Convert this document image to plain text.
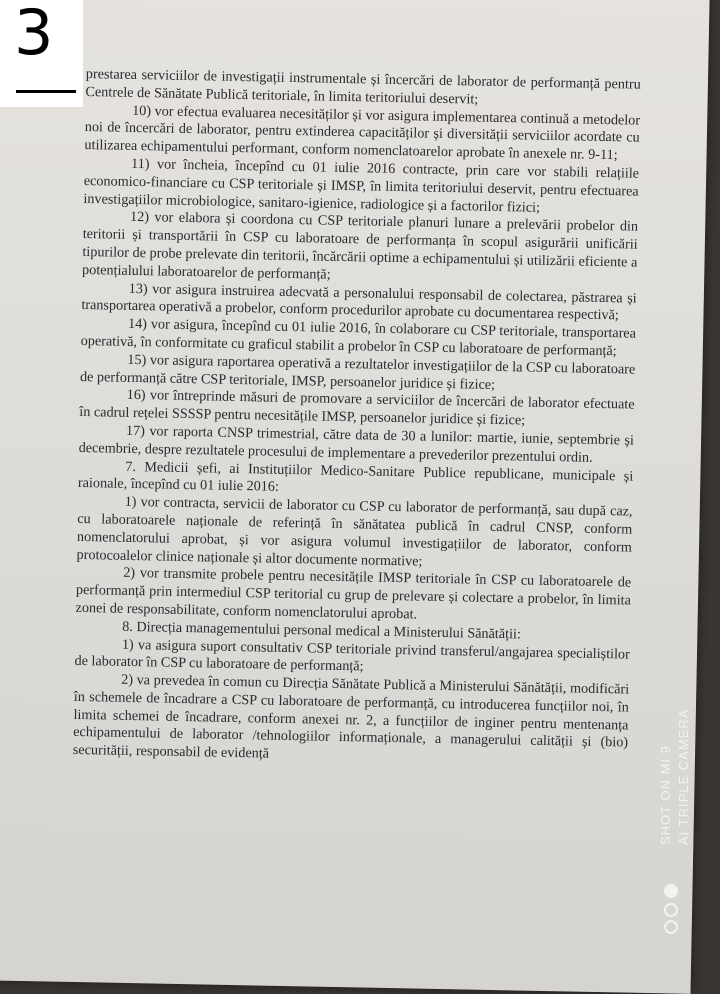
3

prestarea serviciilor de investigații instrumentale și încercări de laborator de performanță pentru Centrele de Sănătate Publică teritoriale, în limita teritoriului deservit;

10) vor efectua evaluarea necesităților și vor asigura implementarea continuă a metodelor noi de încercări de laborator, pentru extinderea capacităților și diversității serviciilor acordate cu utilizarea echipamentului performant, conform nomenclatoarelor aprobate în anexele nr. 9-11;

11) vor încheia, începînd cu 01 iulie 2016 contracte, prin care vor stabili relațiile economico-financiare cu CSP teritoriale și IMSP, în limita teritoriului deservit, pentru efectuarea investigațiilor microbiologice, sanitaro-igienice, radiologice și a factorilor fizici;

12) vor elabora și coordona cu CSP teritoriale planuri lunare a prelevării probelor din teritorii și transportării în CSP cu laboratoare de performanța în scopul asigurării unificării tipurilor de probe prelevate din teritorii, încărcării optime a echipamentului și utilizării eficiente a potențialului laboratoarelor de performanță;

13) vor asigura instruirea adecvată a personalului responsabil de colectarea, păstrarea și transportarea operativă a probelor, conform procedurilor aprobate cu documentarea respectivă;

14) vor asigura, începînd cu 01 iulie 2016, în colaborare cu CSP teritoriale, transportarea operativă, în conformitate cu graficul stabilit a probelor în CSP cu laboratoare de performanță;

15) vor asigura raportarea operativă a rezultatelor investigațiilor de la CSP cu laboratoare de performanță către CSP teritoriale, IMSP, persoanelor juridice și fizice;

16) vor întreprinde măsuri de promovare a serviciilor de încercări de laborator efectuate în cadrul rețelei SSSSP pentru necesitățile IMSP, persoanelor juridice și fizice;

17) vor raporta CNSP trimestrial, către data de 30 a lunilor: martie, iunie, septembrie și decembrie, despre rezultatele procesului de implementare a prevederilor prezentului ordin.

7. Medicii șefi, ai Instituțiilor Medico-Sanitare Publice republicane, municipale și raionale, începînd cu 01 iulie 2016:

1) vor contracta, servicii de laborator cu CSP cu laborator de performanță, sau după caz, cu laboratoarele naționale de referință în sănătatea publică în cadrul CNSP, conform nomenclatorului aprobat, și vor asigura volumul investigațiilor de laborator, conform protocoalelor clinice naționale și altor documente normative;

2) vor transmite probele pentru necesitățile IMSP teritoriale în CSP cu laboratoarele de performanță prin intermediul CSP teritorial cu grup de prelevare și colectare a probelor, în limita zonei de responsabilitate, conform nomenclatorului aprobat.

8. Direcția managementului personal medical a Ministerului Sănătății:

1) va asigura suport consultativ CSP teritoriale privind transferul/angajarea specialiștilor de laborator în CSP cu laboratoare de performanță;

2) va prevedea în comun cu Direcția Sănătate Publică a Ministerului Sănătății, modificări în schemele de încadrare a CSP cu laboratoare de performanță, cu introducerea funcțiilor noi, în limita schemei de încadrare, conform anexei nr. 2, a funcțiilor de inginer pentru mentenanța echipamentului de laborator /tehnologiilor informaționale, a managerului calității și (bio) securității, responsabil de evidență	SHOT ON MI 9 AI TRIPLE CAMERA
